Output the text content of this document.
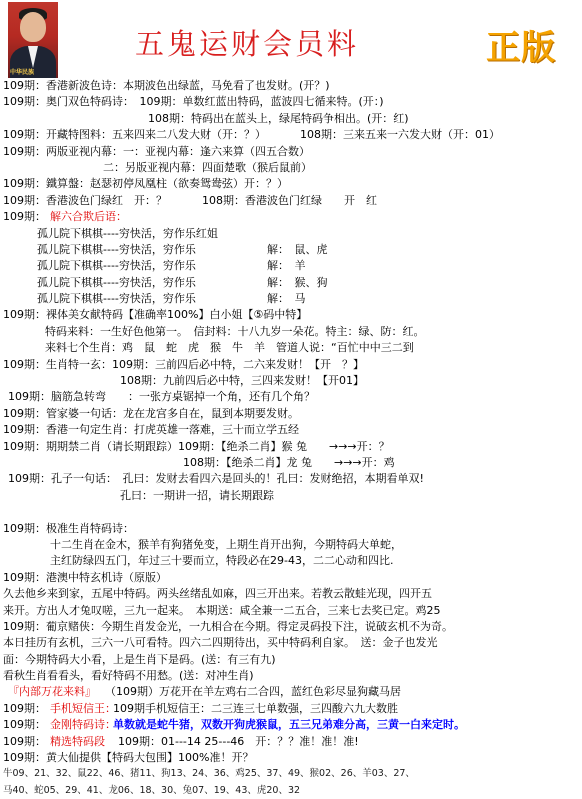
中华民族
五鬼运财会员料	正版
109期：香港新波色诗：本期波色出绿蓝，马免看了也发财。(开？)
109期：奥门双色特码诗：　109期：单数红蓝出特码，蓝波四七循来特。(开：)
108期：特码出在蓝头上，绿尾特码争相出。(开：红)
109期：开藏特图料：五来四来二八发大财（开：？）	108期：三来五来一六发大财（开：01）
109期：两版亚视内幕：一：亚视内幕：逢六来算（四五合数）
二：另版亚视内幕：四面楚歌（猴后鼠前）
109期：鐵算盤：赵瑟初停凤凰柱（欲奏鸳鸯弦）开：？）
109期：香港波色门绿红　开：？	108期：香港波色门红绿　　开　红
109期： 解六合欺后语：
孤儿院下棋棋----穷快活，穷作乐红姐
孤儿院下棋棋----穷快活，穷作乐	解：　鼠、虎
孤儿院下棋棋----穷快活，穷作乐	解：　羊
孤儿院下棋棋----穷快活，穷作乐	解：　猴、狗
孤儿院下棋棋----穷快活，穷作乐	解：　马
109期：裸体美女献特码【准确率100%】白小姐【⑤码中特】
特码来料：一生好色他第一。　信封料：十八九岁一朵花。特主：绿、防：红。
来料七个生肖：鸡　鼠　蛇　虎　猴　牛　羊　管道人说：“百忙中中三二到
109期：生肖特一玄：109期：三前四后必中特，二六来发财！【开　？】
108期：九前四后必中特，三四来发财！【开01】
109期：脑筋急转弯　　：一张方桌锯掉一个角，还有几个角？
109期：管家婆一句话：龙在龙宫多自在，鼠到本期要发财。
109期：香港一句定生肖：打虎英雄一落难，三十而立学五经
109期：期期禁二肖（请长期跟踪）109期：【绝杀二肖】猴 兔　　→→→开：？
108期：【绝杀二肖】龙 兔　　→→→开：鸡
109期：孔子一句话：　孔曰：发财去看四六是回头的！孔曰：发财绝招，本期看单双!
孔曰：一期讲一招，请长期跟踪
109期：极准生肖特码诗：
十二生肖在金木，猴羊有狗猪免变，上期生肖开出狗，今期特码大单蛇，
主红防绿四五门，年过三十要而立，特段必在29-43，二二心动和四比.
109期：港澳中特玄机诗（原版）
久去他乡来到家，五尾中特码。两头丝绪乱如麻，四三开出来。若教云散蛙光现，四开五
来开。方出人才兔叹嗟，三九一起来。　本期送：咸全兼一二五合，三来七去奖已定。鸡25
109期：葡京赌侠：今期生肖发金光，一九相合在今期。得定灵码投下注，说破玄机不为奇。
本日挂历有玄机，三六一八可看特。四六二四期待出，买中特码利自家。　送：金子也发光
面：今期特码大小看，上是生肖下是码。(送：有三有九)
看秋生肖看看头，看好特码不用愁。(送：对冲生肖)
『内部万花来料』 （109期）万花开在羊左鸡右二合四，蓝红色彩尽显狗藏马居
109期： 手机短信王：
109期手机短信王：二三连三七单数强，三四酸六九大数胜
109期： 金刚特码诗：
单数就是蛇牛猪，双数开狗虎猴鼠，五三兄弟难分高，三黄一白来定时。
109期： 精选特码段 109期：01---14 25---46　开：？？准！准！准!
109期：黄大仙提供【特码大包围】100%准！开？
牛09、21、32、鼠22、46、猪11、狗13、24、36、鸡25、37、49、猴02、26、羊03、27、
马40、蛇05、29、41、龙06、18、30、兔07、19、43、虎20、32
